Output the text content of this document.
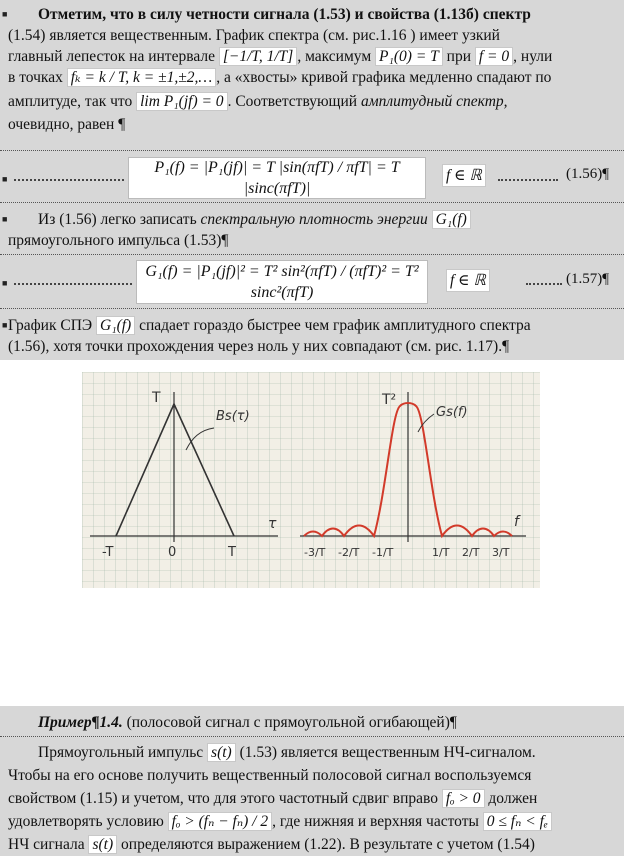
■	Отметим, что в силу четности сигнала (1.53) и свойства (1.13б) спектр
(1.54) является вещественным. График спектра (см. рис.1.16 ) имеет узкий
главный лепесток на интервале [−1/T, 1/T] , максимум P₁(0) = T при f = 0 , нули
в точках fₖ = k / T, k = ±1,±2,… , а «хвосты» кривой графика медленно спадают по
амплитуде, так что lim P₁(jf) = 0 . Соответствующий амплитудный спектр,
очевидно, равен ¶
■
P₁(f) = |P₁(jf)| = T |sin(πfT) / πfT| = T |sinc(πfT)|
f ∈ ℝ	(1.56)¶
■	Из (1.56) легко записать спектральную плотность энергии G₁(f)
прямоугольного импульса (1.53)¶
■
G₁(f) = |P₁(jf)|² = T² sin²(πfT) / (πfT)² = T² sinc²(πfT)
f ∈ ℝ	(1.57)¶
■ График СПЭ G₁(f) спадает гораздо быстрее чем график амплитудного спектра
(1.56), хотя точки прохождения через ноль у них совпадают (см. рис. 1.17).¶
T
Bs(τ)
τ
-T	0	T
T²
Gs(f)
f
-3/T -2/T -1/T	1/T 2/T 3/T
Пример¶1.4. (полосовой сигнал с прямоугольной огибающей)¶
Прямоугольный импульс s(t) (1.53) является вещественным НЧ-сигналом.
Чтобы на его основе получить вещественный полосовой сигнал воспользуемся
свойством (1.15) и учетом, что для этого частотный сдвиг вправо fₒ > 0 должен
удовлетворять условию fₒ > (fₙ − fₙ) / 2 , где нижняя и верхняя частоты 0 ≤ fₙ < fₑ
НЧ сигнала s(t) определяются выражением (1.22). В результате с учетом (1.54)
